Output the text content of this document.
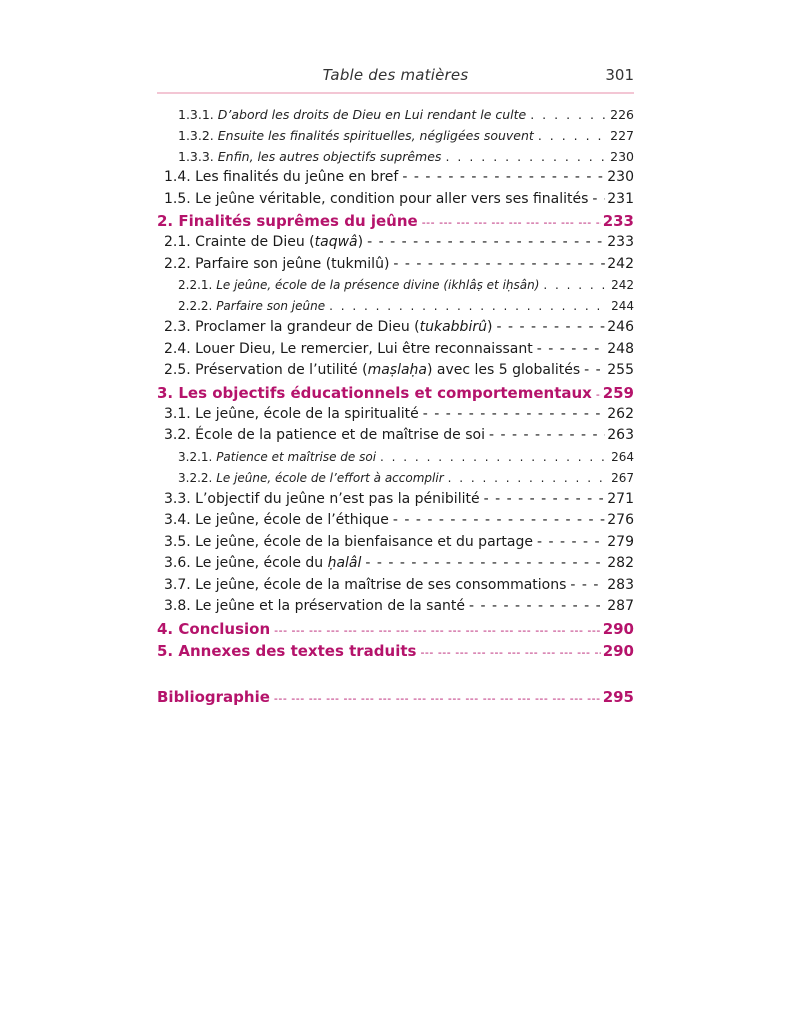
Table des matières	301
1.3.1. D’abord les droits de Dieu en Lui rendant le culte . . .	226
1.3.2. Ensuite les finalités spirituelles, négligées souvent . . .	227
1.3.3. Enfin, les autres objectifs suprêmes . . .	230
1.4. Les finalités du jeûne en bref - - -	230
1.5. Le jeûne véritable, condition pour aller vers ses finalités - - - 231
2. Finalités suprêmes du jeûne --- -	233
2.1. Crainte de Dieu (taqwâ) - - -	233
2.2. Parfaire son jeûne (tukmilû) - - -	242
2.2.1. Le jeûne, école de la présence divine (ikhlâṣ et iḥsân) . . .	242
2.2.2. Parfaire son jeûne . . .	244
2.3. Proclamer la grandeur de Dieu (tukabbirû) - - -	246
2.4. Louer Dieu, Le remercier, Lui être reconnaissant - - -	248
2.5. Préservation de l’utilité (maṣlaḥa) avec les 5 globalités - - - 255
3. Les objectifs éducationnels et comportementaux --- - 259
3.1. Le jeûne, école de la spiritualité - - -	262
3.2. École de la patience et de maîtrise de soi - - -	263
3.2.1. Patience et maîtrise de soi . . .	264
3.2.2. Le jeûne, école de l’effort à accomplir . . .	267
3.3. L’objectif du jeûne n’est pas la pénibilité - - -	271
3.4. Le jeûne, école de l’éthique - - -	276
3.5. Le jeûne, école de la bienfaisance et du partage - - -	279
3.6. Le jeûne, école du ḥalâl - - -	282
3.7. Le jeûne, école de la maîtrise de ses consommations - - -	283
3.8. Le jeûne et la préservation de la santé - - -	287
4. Conclusion --- -	290
5. Annexes des textes traduits --- -	290
Bibliographie --- -	295
